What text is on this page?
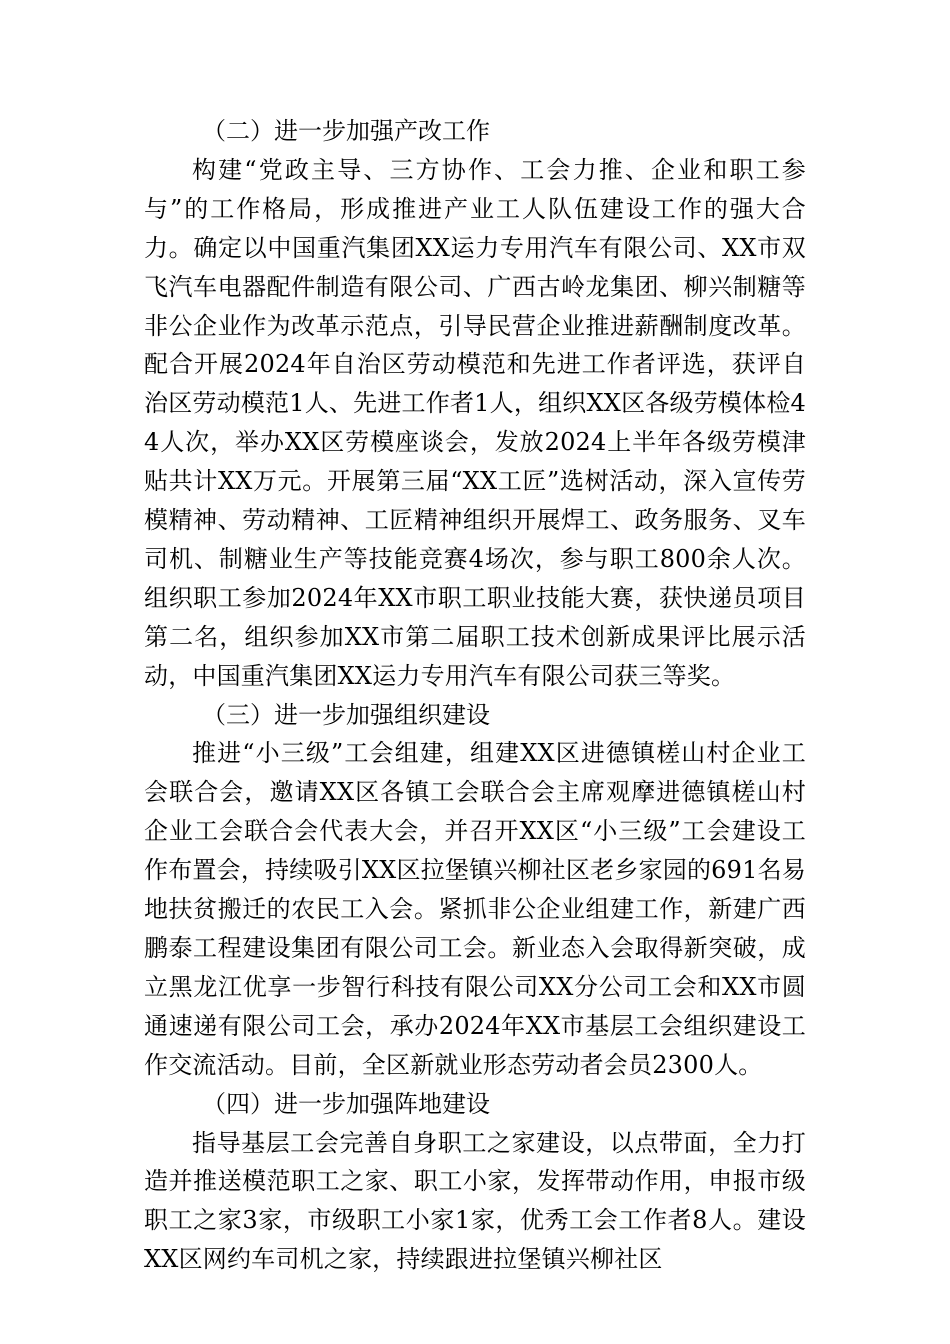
（二）进一步加强产改工作

构建“党政主导、三方协作、工会力推、企业和职工参与”的工作格局，形成推进产业工人队伍建设工作的强大合力。确定以中国重汽集团XX运力专用汽车有限公司、XX市双飞汽车电器配件制造有限公司、广西古岭龙集团、柳兴制糖等非公企业作为改革示范点，引导民营企业推进薪酬制度改革。配合开展2024年自治区劳动模范和先进工作者评选，获评自治区劳动模范1人、先进工作者1人，组织XX区各级劳模体检44人次，举办XX区劳模座谈会，发放2024上半年各级劳模津贴共计XX万元。开展第三届“XX工匠”选树活动，深入宣传劳模精神、劳动精神、工匠精神组织开展焊工、政务服务、叉车司机、制糖业生产等技能竞赛4场次，参与职工800余人次。组织职工参加2024年XX市职工职业技能大赛，获快递员项目第二名，组织参加XX市第二届职工技术创新成果评比展示活动，中国重汽集团XX运力专用汽车有限公司获三等奖。

（三）进一步加强组织建设

推进“小三级”工会组建，组建XX区进德镇槎山村企业工会联合会，邀请XX区各镇工会联合会主席观摩进德镇槎山村企业工会联合会代表大会，并召开XX区“小三级”工会建设工作布置会，持续吸引XX区拉堡镇兴柳社区老乡家园的691名易地扶贫搬迁的农民工入会。紧抓非公企业组建工作，新建广西鹏泰工程建设集团有限公司工会。新业态入会取得新突破，成立黑龙江优享一步智行科技有限公司XX分公司工会和XX市圆通速递有限公司工会，承办2024年XX市基层工会组织建设工作交流活动。目前，全区新就业形态劳动者会员2300人。

（四）进一步加强阵地建设

指导基层工会完善自身职工之家建设，以点带面，全力打造并推送模范职工之家、职工小家，发挥带动作用，申报市级职工之家3家，市级职工小家1家，优秀工会工作者8人。建设XX区网约车司机之家，持续跟进拉堡镇兴柳社区
